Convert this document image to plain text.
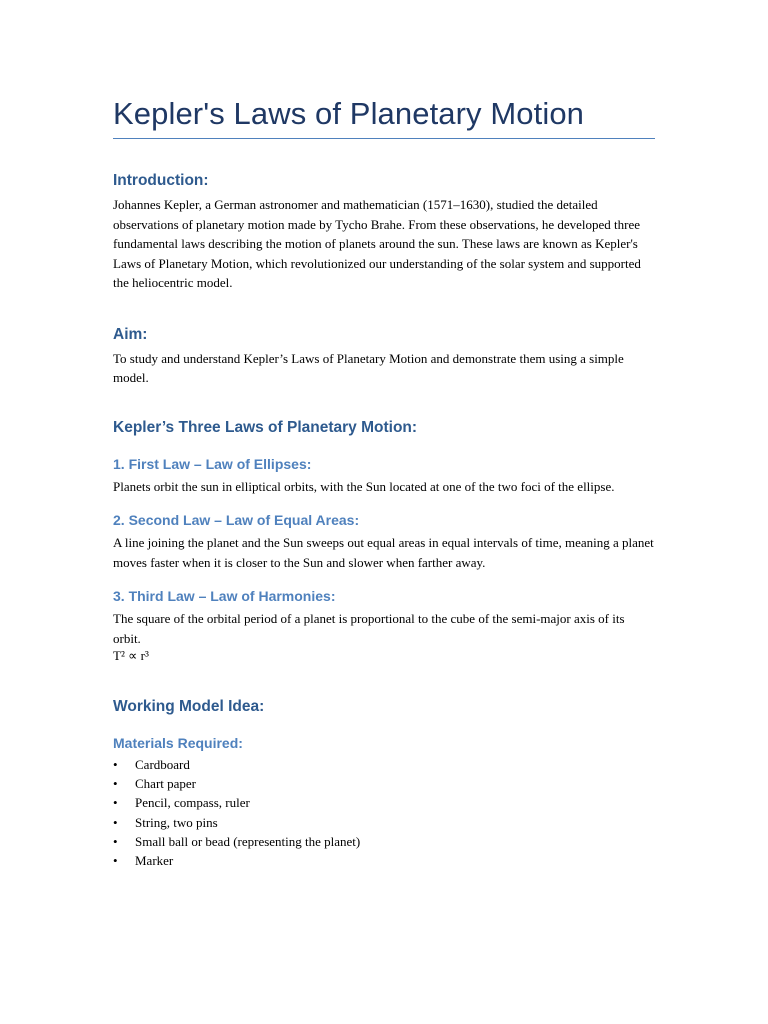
Kepler's Laws of Planetary Motion
Introduction:

Johannes Kepler, a German astronomer and mathematician (1571–1630), studied the detailed observations of planetary motion made by Tycho Brahe. From these observations, he developed three fundamental laws describing the motion of planets around the sun. These laws are known as Kepler's Laws of Planetary Motion, which revolutionized our understanding of the solar system and supported the heliocentric model.

Aim:

To study and understand Kepler’s Laws of Planetary Motion and demonstrate them using a simple model.

Kepler’s Three Laws of Planetary Motion:
1. First Law – Law of Ellipses:

Planets orbit the sun in elliptical orbits, with the Sun located at one of the two foci of the ellipse.

2. Second Law – Law of Equal Areas:

A line joining the planet and the Sun sweeps out equal areas in equal intervals of time, meaning a planet moves faster when it is closer to the Sun and slower when farther away.

3. Third Law – Law of Harmonies:

The square of the orbital period of a planet is proportional to the cube of the semi-major axis of its orbit.

T² ∝ r³

Working Model Idea:
Materials Required:
• Cardboard
• Chart paper
• Pencil, compass, ruler
• String, two pins
• Small ball or bead (representing the planet)
• Marker
